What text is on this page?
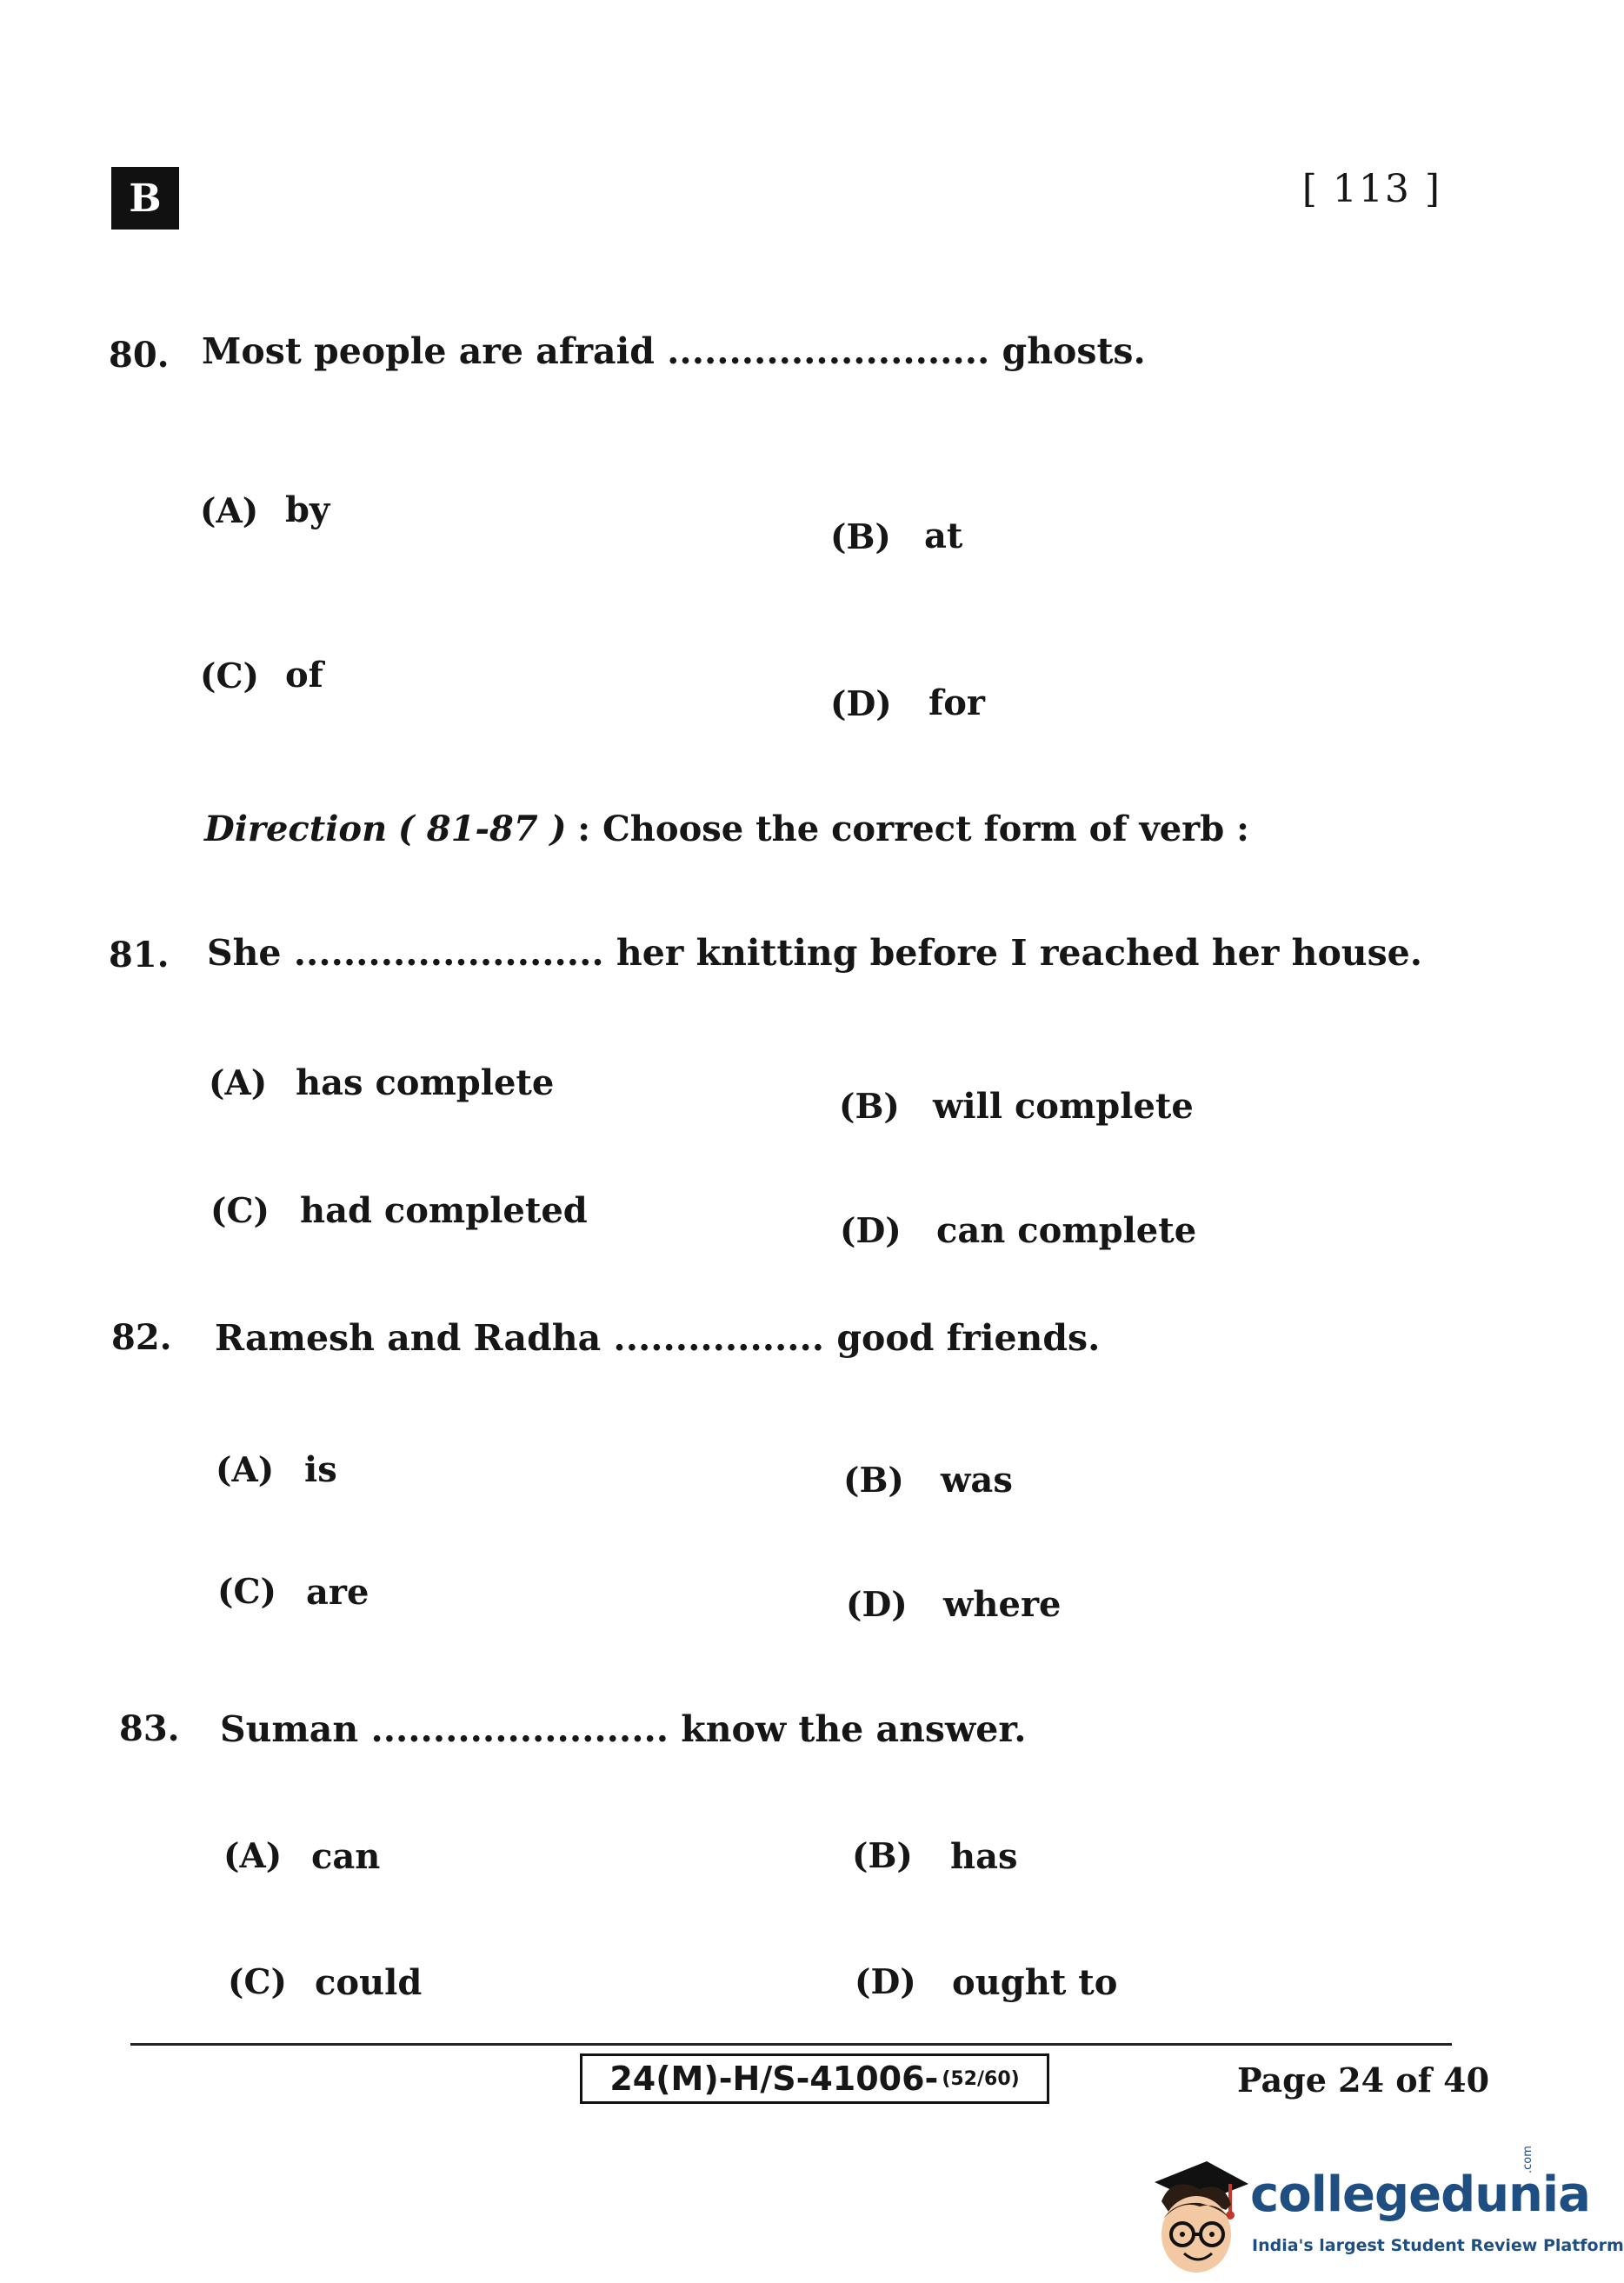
B	[ 113 ]
80. Most people are afraid .......................... ghosts.
(A) by
(B) at
(C) of
(D) for
Direction ( 81-87 ) : Choose the correct form of verb :
81. She ......................... her knitting before I reached her house.
(A) has complete
(B) will complete
(C) had completed	(D) can complete
82. Ramesh and Radha ................. good friends.
(A) is	(B) was
(C) are	(D) where
83. Suman ........................ know the answer.
(A) can	(B) has
(C) could	(D) ought to
24(M)-H/S-41006- (52/60)	Page 24 of 40
collegedunia
.com
India's largest Student Review Platform
